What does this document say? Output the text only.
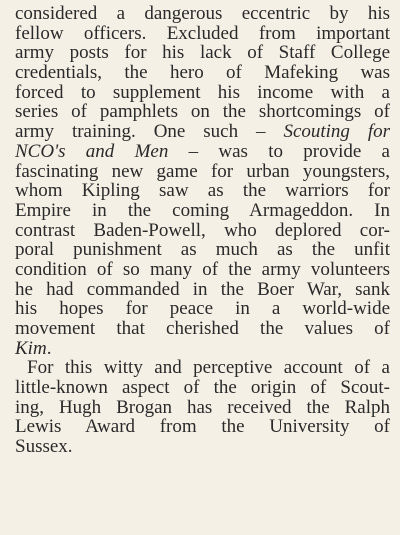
considered a dangerous eccentric by his
fellow officers. Excluded from important
army posts for his lack of Staff College
credentials, the hero of Mafeking was
forced to supplement his income with a
series of pamphlets on the shortcomings of
army training. One such – Scouting for
NCO's and Men – was to provide a
fascinating new game for urban youngsters,
whom Kipling saw as the warriors for
Empire in the coming Armageddon. In
contrast Baden-Powell, who deplored cor-
poral punishment as much as the unfit
condition of so many of the army volunteers
he had commanded in the Boer War, sank
his hopes for peace in a world-wide
movement that cherished the values of
Kim.
For this witty and perceptive account of a
little-known aspect of the origin of Scout-
ing, Hugh Brogan has received the Ralph
Lewis Award from the University of
Sussex.
